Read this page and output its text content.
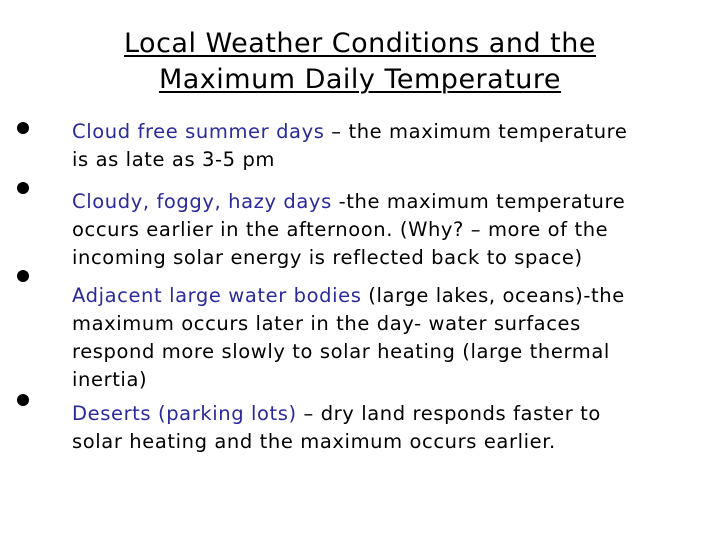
Local Weather Conditions and the
Maximum Daily Temperature
Cloud free summer days – the maximum temperature
is as late as 3-5 pm
Cloudy, foggy, hazy days -the maximum temperature
occurs earlier in the afternoon. (Why? – more of the
incoming solar energy is reflected back to space)
Adjacent large water bodies (large lakes, oceans)-the
maximum occurs later in the day- water surfaces
respond more slowly to solar heating (large thermal
inertia)
Deserts (parking lots) – dry land responds faster to
solar heating and the maximum occurs earlier.
